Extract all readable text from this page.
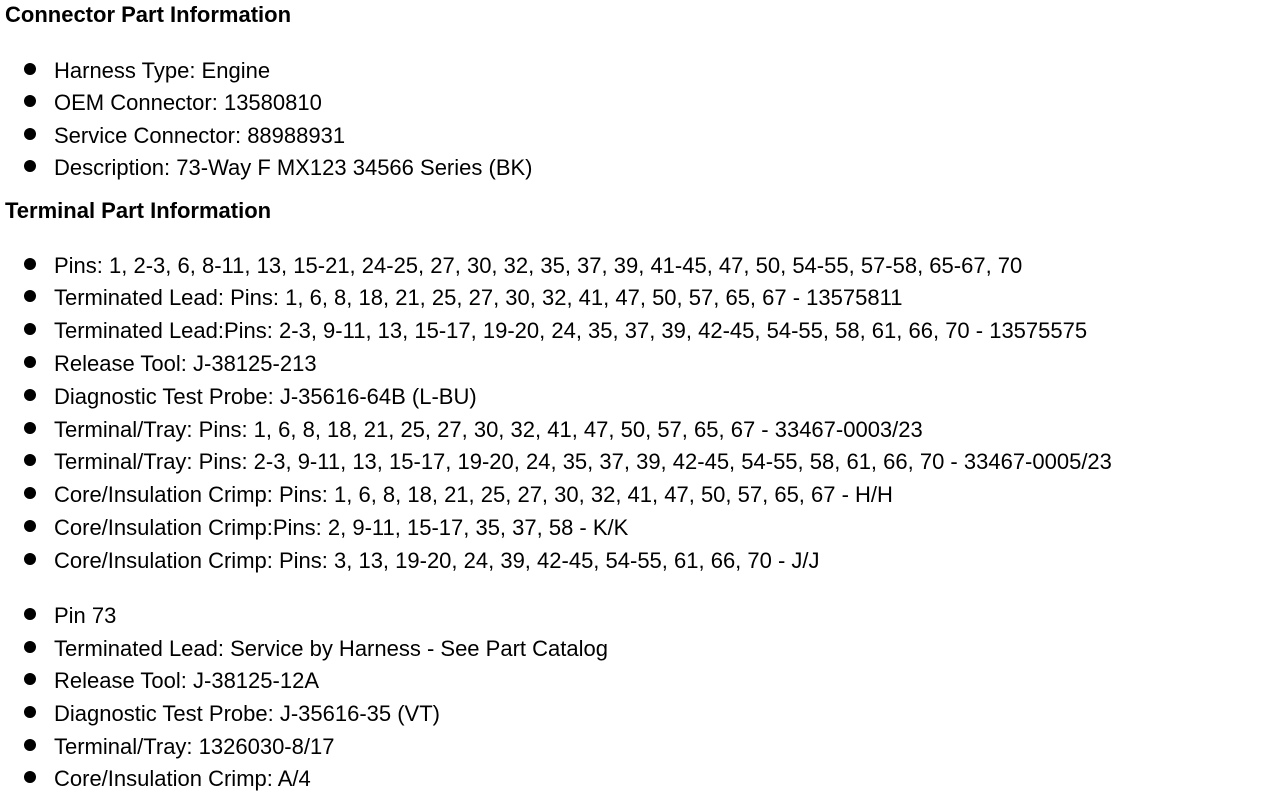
Connector Part Information
Harness Type: Engine
OEM Connector: 13580810
Service Connector: 88988931
Description: 73-Way F MX123 34566 Series (BK)
Terminal Part Information
Pins: 1, 2-3, 6, 8-11, 13, 15-21, 24-25, 27, 30, 32, 35, 37, 39, 41-45, 47, 50, 54-55, 57-58, 65-67, 70
Terminated Lead: Pins: 1, 6, 8, 18, 21, 25, 27, 30, 32, 41, 47, 50, 57, 65, 67 - 13575811
Terminated Lead:Pins: 2-3, 9-11, 13, 15-17, 19-20, 24, 35, 37, 39, 42-45, 54-55, 58, 61, 66, 70 - 13575575
Release Tool: J-38125-213
Diagnostic Test Probe: J-35616-64B (L-BU)
Terminal/Tray: Pins: 1, 6, 8, 18, 21, 25, 27, 30, 32, 41, 47, 50, 57, 65, 67 - 33467-0003/23
Terminal/Tray: Pins: 2-3, 9-11, 13, 15-17, 19-20, 24, 35, 37, 39, 42-45, 54-55, 58, 61, 66, 70 - 33467-0005/23
Core/Insulation Crimp: Pins: 1, 6, 8, 18, 21, 25, 27, 30, 32, 41, 47, 50, 57, 65, 67 - H/H
Core/Insulation Crimp:Pins: 2, 9-11, 15-17, 35, 37, 58 - K/K
Core/Insulation Crimp: Pins: 3, 13, 19-20, 24, 39, 42-45, 54-55, 61, 66, 70 - J/J
Pin 73
Terminated Lead: Service by Harness - See Part Catalog
Release Tool: J-38125-12A
Diagnostic Test Probe: J-35616-35 (VT)
Terminal/Tray: 1326030-8/17
Core/Insulation Crimp: A/4
